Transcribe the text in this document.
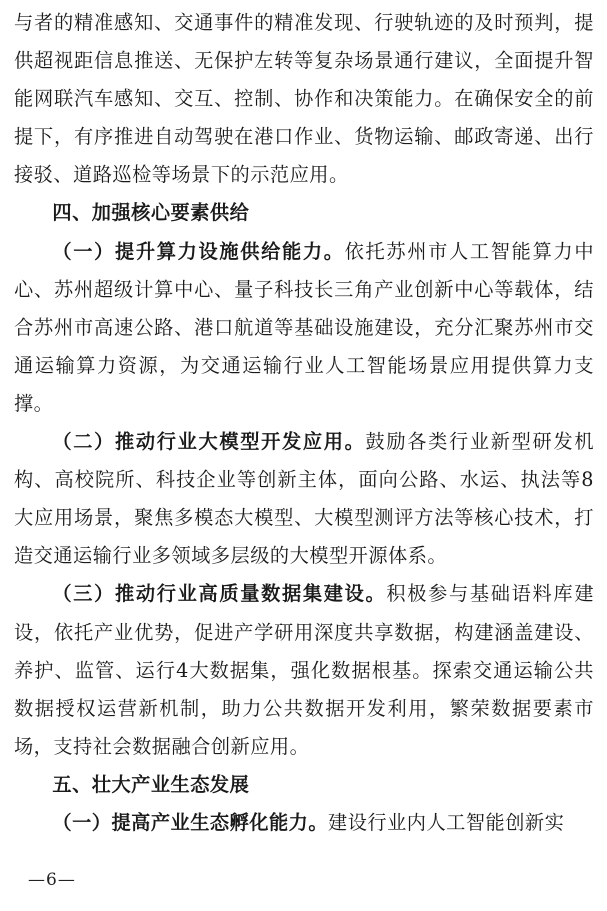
与者的精准感知、交通事件的精准发现、行驶轨迹的及时预判，提供超视距信息推送、无保护左转等复杂场景通行建议，全面提升智能网联汽车感知、交互、控制、协作和决策能力。在确保安全的前提下，有序推进自动驾驶在港口作业、货物运输、邮政寄递、出行接驳、道路巡检等场景下的示范应用。

四、加强核心要素供给

（一）提升算力设施供给能力。依托苏州市人工智能算力中心、苏州超级计算中心、量子科技长三角产业创新中心等载体，结合苏州市高速公路、港口航道等基础设施建设，充分汇聚苏州市交通运输算力资源，为交通运输行业人工智能场景应用提供算力支撑。

（二）推动行业大模型开发应用。鼓励各类行业新型研发机构、高校院所、科技企业等创新主体，面向公路、水运、执法等8大应用场景，聚焦多模态大模型、大模型测评方法等核心技术，打造交通运输行业多领域多层级的大模型开源体系。

（三）推动行业高质量数据集建设。积极参与基础语料库建设，依托产业优势，促进产学研用深度共享数据，构建涵盖建设、养护、监管、运行4大数据集，强化数据根基。探索交通运输公共数据授权运营新机制，助力公共数据开发利用，繁荣数据要素市场，支持社会数据融合创新应用。

五、壮大产业生态发展

（一）提高产业生态孵化能力。建设行业内人工智能创新实

—6—
